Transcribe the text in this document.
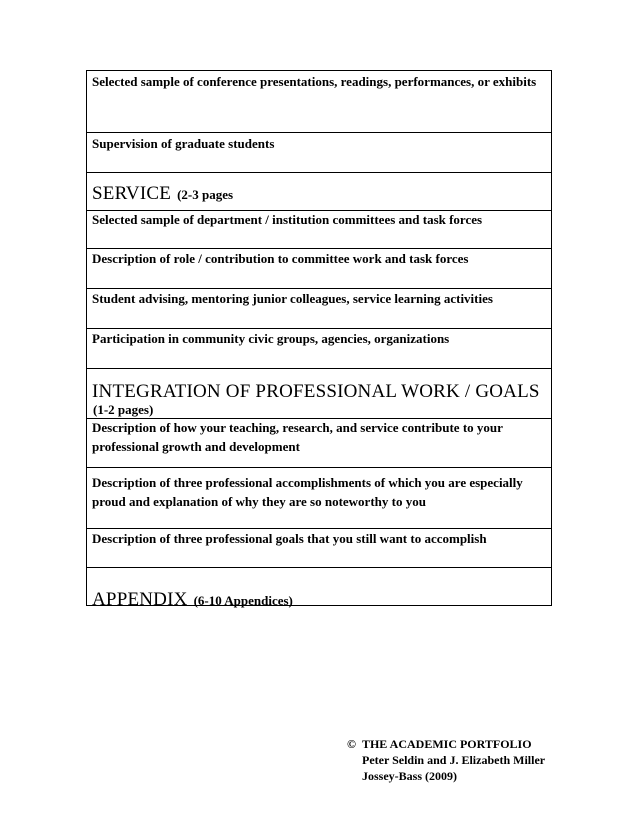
Selected sample of conference presentations, readings, performances, or exhibits
Supervision of graduate students
SERVICE (2-3 pages
Selected sample of department / institution committees and task forces
Description of role / contribution to committee work and task forces
Student advising, mentoring junior colleagues, service learning activities
Participation in community civic groups, agencies, organizations
INTEGRATION OF PROFESSIONAL WORK / GOALS
(1-2 pages)
Description of how your teaching, research, and service contribute to your professional growth and development
Description of three professional accomplishments of which you are especially proud and explanation of why they are so noteworthy to you
Description of three professional goals that you still want to accomplish
APPENDIX (6-10 Appendices)
© THE ACADEMIC PORTFOLIO
Peter Seldin and J. Elizabeth Miller
Jossey-Bass (2009)
